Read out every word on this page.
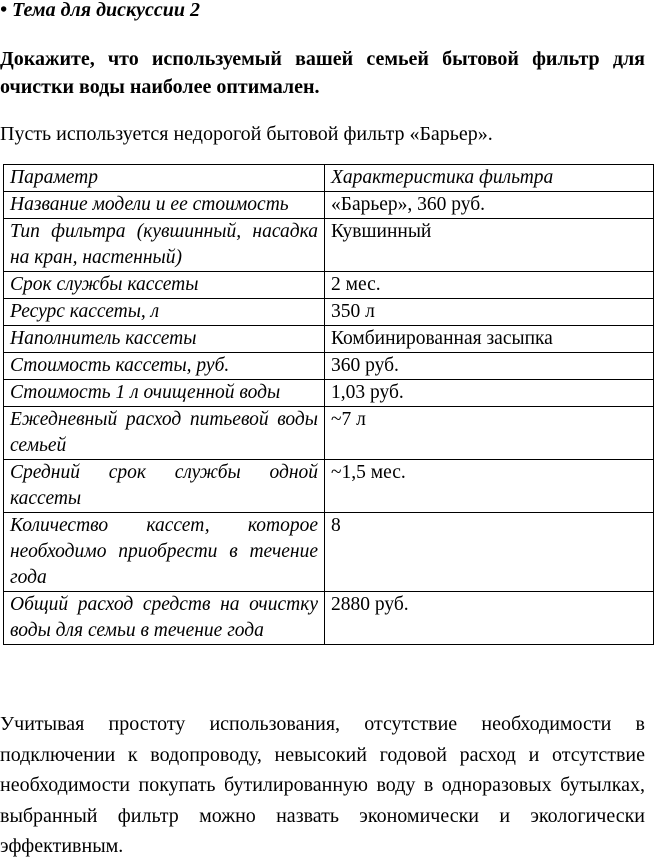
• Тема для дискуссии 2
Докажите, что используемый вашей семьей бытовой фильтр для очистки воды наиболее оптимален.
Пусть используется недорогой бытовой фильтр «Барьер».
Параметр	Характеристика фильтра
Название модели и ее стоимость	«Барьер», 360 руб.
Тип фильтра (кувшинный, насадка на кран, настенный)	Кувшинный
Срок службы кассеты	2 мес.
Ресурс кассеты, л	350 л
Наполнитель кассеты	Комбинированная засыпка
Стоимость кассеты, руб.	360 руб.
Стоимость 1 л очищенной воды	1,03 руб.
Ежедневный расход питьевой воды семьей	~7 л
Средний срок службы одной кассеты	~1,5 мес.
Количество кассет, которое необходимо приобрести в течение года	8
Общий расход средств на очистку воды для семьи в течение года	2880 руб.
Учитывая простоту использования, отсутствие необходимости в подключении к водопроводу, невысокий годовой расход и отсутствие необходимости покупать бутилированную воду в одноразовых бутылках, выбранный фильтр можно назвать экономически и экологически эффективным.
